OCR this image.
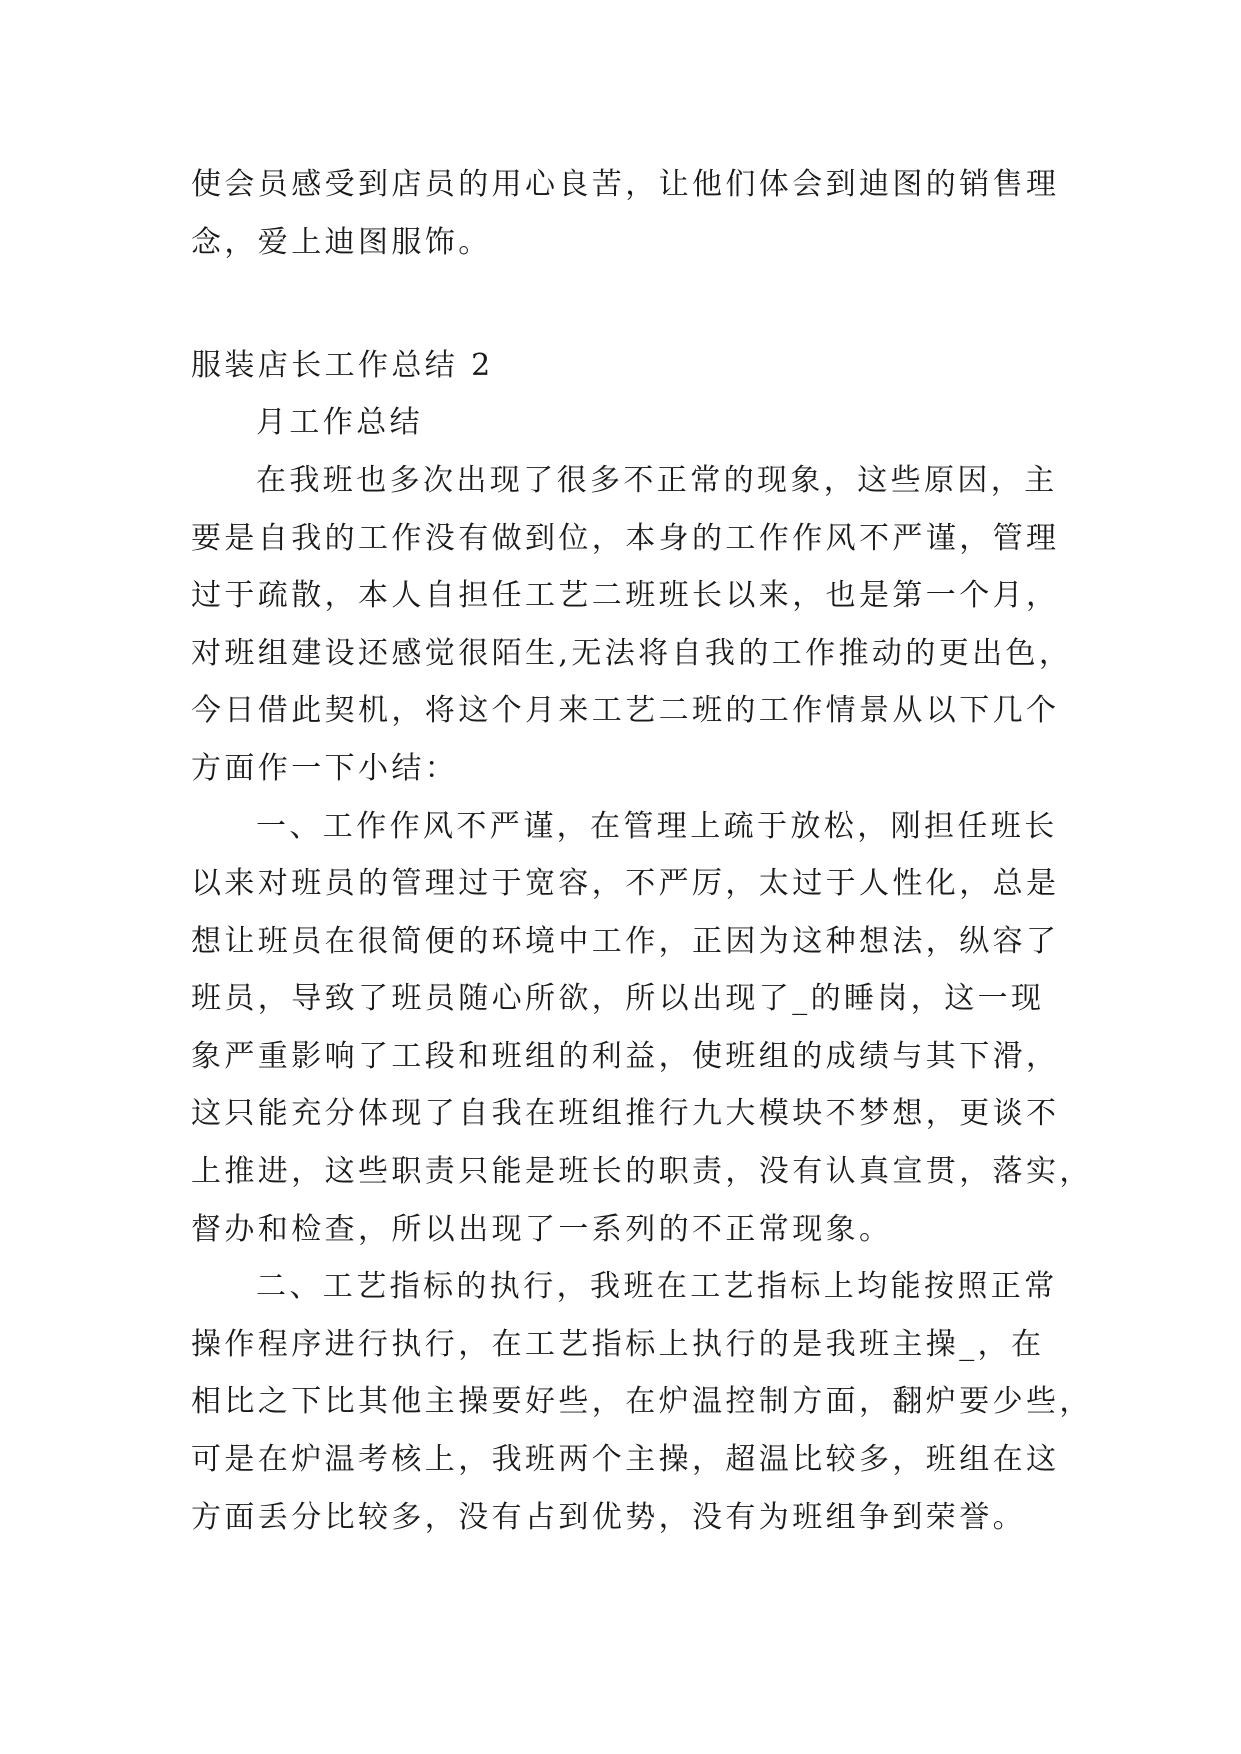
使会员感受到店员的用心良苦，让他们体会到迪图的销售理
念，爱上迪图服饰。
服装店长工作总结 2
月工作总结
在我班也多次出现了很多不正常的现象，这些原因，主
要是自我的工作没有做到位，本身的工作作风不严谨，管理
过于疏散，本人自担任工艺二班班长以来，也是第一个月，
对班组建设还感觉很陌生,无法将自我的工作推动的更出色，
今日借此契机，将这个月来工艺二班的工作情景从以下几个
方面作一下小结：
一、工作作风不严谨，在管理上疏于放松，刚担任班长
以来对班员的管理过于宽容，不严厉，太过于人性化，总是
想让班员在很简便的环境中工作，正因为这种想法，纵容了
班员，导致了班员随心所欲，所以出现了_的睡岗，这一现
象严重影响了工段和班组的利益，使班组的成绩与其下滑，
这只能充分体现了自我在班组推行九大模块不梦想，更谈不
上推进，这些职责只能是班长的职责，没有认真宣贯，落实，
督办和检查，所以出现了一系列的不正常现象。
二、工艺指标的执行，我班在工艺指标上均能按照正常
操作程序进行执行，在工艺指标上执行的是我班主操_，在
相比之下比其他主操要好些，在炉温控制方面，翻炉要少些，
可是在炉温考核上，我班两个主操，超温比较多，班组在这
方面丢分比较多，没有占到优势，没有为班组争到荣誉。
